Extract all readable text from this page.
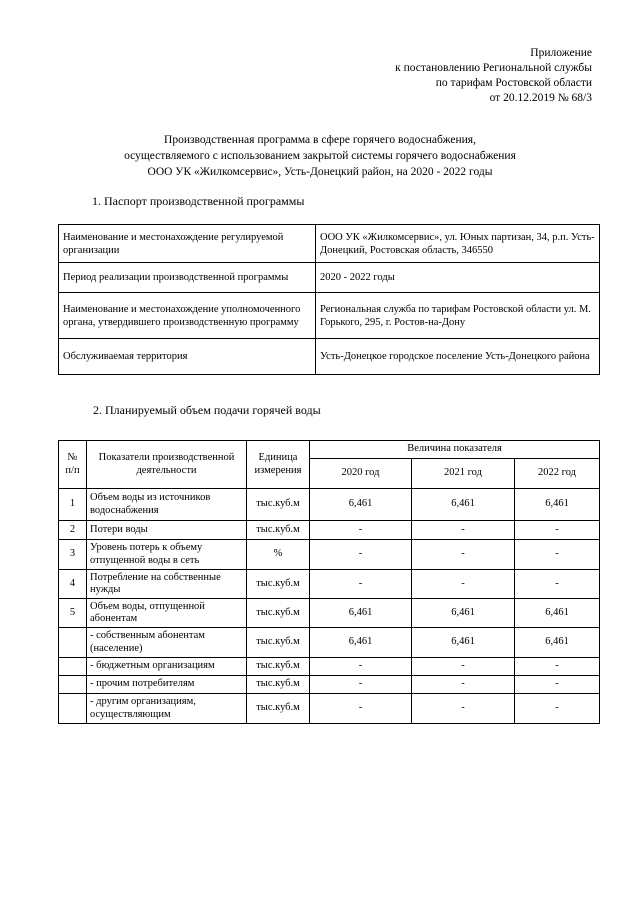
Приложение
к постановлению Региональной службы
по тарифам Ростовской области
от 20.12.2019 № 68/3
Производственная программа в сфере горячего водоснабжения,
осуществляемого с использованием закрытой системы горячего водоснабжения
ООО УК «Жилкомсервис», Усть-Донецкий район, на 2020 - 2022 годы
1. Паспорт производственной программы
Наименование и местонахождение регулируемой организации	ООО УК «Жилкомсервис», ул. Юных партизан, 34, р.п. Усть-Донецкий, Ростовская область, 346550
Период реализации производственной программы	2020 - 2022 годы
Наименование и местонахождение уполномоченного органа, утвердившего производственную программу	Региональная служба по тарифам Ростовской области ул. М. Горького, 295, г. Ростов-на-Дону
Обслуживаемая территория	Усть-Донецкое городское поселение Усть-Донецкого района
2. Планируемый объем подачи горячей воды
№ п/п	Показатели производственной деятельности	Единица измерения	Величина показателя		
			2020 год	2021 год	2022 год
1	Объем воды из источников водоснабжения	тыс.куб.м	6,461	6,461	6,461
2	Потери воды	тыс.куб.м	-	-	-
3	Уровень потерь к объему отпущенной воды в сеть	%	-	-	-
4	Потребление на собственные нужды	тыс.куб.м	-	-	-
5	Объем воды, отпущенной абонентам	тыс.куб.м	6,461	6,461	6,461
	- собственным абонентам (население)	тыс.куб.м	6,461	6,461	6,461
	- бюджетным организациям	тыс.куб.м	-	-	-
	- прочим потребителям	тыс.куб.м	-	-	-
	- другим организациям, осуществляющим	тыс.куб.м	-	-	-
